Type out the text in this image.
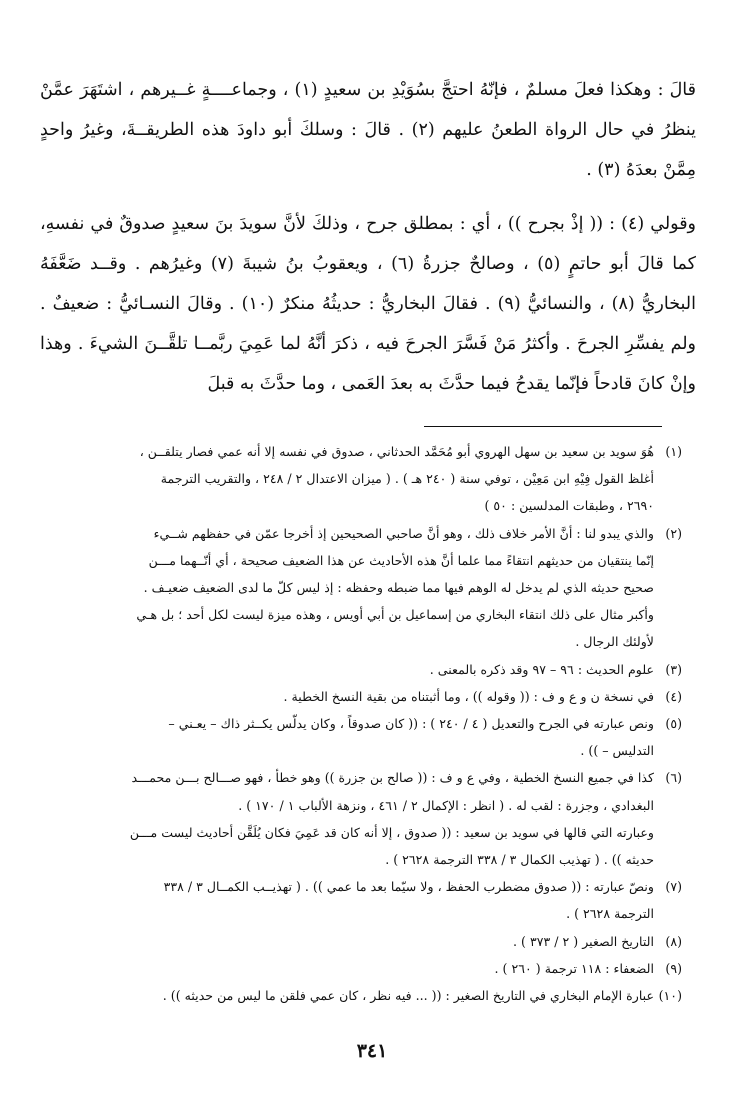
قالَ : وهكذا فعلَ مسلمٌ ، فإنّهُ احتجَّ بسُوَيْدِ بن سعيدٍ (١) ، وجماعــــةٍ غــيرهم ، اشتَهَرَ عمَّنْ ينظرُ في حال الرواة الطعنُ عليهم (٢) . قالَ : وسلكَ أبو داودَ هذه الطريقــةَ، وغيرُ واحدٍ مِمَّنْ بعدَهُ (٣) .

وقولي (٤) : (( إذْ بجرح )) ، أي : بمطلق جرح ، وذلكَ لأنَّ سويدَ بنَ سعيدٍ صدوقٌ في نفسهِ، كما قالَ أبو حاتمٍ (٥) ، وصالحٌ جزرةُ (٦) ، ويعقوبُ بنُ شيبةَ (٧) وغيرُهم . وقــد ضَعَّفَهُ البخاريُّ (٨) ، والنسائيُّ (٩) . فقالَ البخاريُّ : حديثُهُ منكرٌ (١٠) . وقالَ النسـائيُّ : ضعيفٌ . ولم يفسِّرِ الجرحَ . وأكثرُ مَنْ فَسَّرَ الجرحَ فيه ، ذكرَ أنَّهُ لما عَمِيَ ربَّمــا تلقَّــنَ الشيءَ . وهذا وإنْ كانَ قادحاً فإنّما يقدحُ فيما حدَّثَ به بعدَ العَمى ، وما حدَّثَ به قبلَ

(١)
هُوَ سويد بن سعيد بن سهل الهروي أبو مُحَمَّد الحدثاني ، صدوق في نفسه إلا أنه عمي فصار يتلقــن ،
أغلظ القول فِيْهِ ابن مَعِيْن ، توفي سنة ( ٢٤٠ هـ ) . ( ميزان الاعتدال ٢ / ٢٤٨ ، والتقريب الترجمة
٢٦٩٠ ، وطبقات المدلسين : ٥٠ )
(٢)
والذي يبدو لنا : أنَّ الأمر خلاف ذلك ، وهو أنَّ صاحبي الصحيحين إذ أخرجا عمّن في حفظهم شــيء
إنّما ينتقيان من حديثهم انتقاءً مما علما أنَّ هذه الأحاديث عن هذا الضعيف صحيحة ، أي أنّــهما مـــن
صحيح حديثه الذي لم يدخل له الوهم فيها مما ضبطه وحفظه : إذ ليس كلّ ما لدى الضعيف ضعيـف .
وأكبر مثال على ذلك انتقاء البخاري من إسماعيل بن أبي أويس ، وهذه ميزة ليست لكل أحد ؛ بل هـي
لأولئك الرجال .
(٣)
علوم الحديث : ٩٦ – ٩٧ وقد ذكره بالمعنى .
(٤)
في نسخة ن و ع و ف : (( وقوله )) ، وما أثبتناه من بقية النسخ الخطية .
(٥)
ونص عبارته في الجرح والتعديل ( ٤ / ٢٤٠ ) : (( كان صدوقاً ، وكان يدلّس يكــثر ذاك – يعـني –
التدليس – )) .
(٦)
كذا في جميع النسخ الخطية ، وفي ع و ف : (( صالح بن جزرة )) وهو خطأ ، فهو صـــالح بـــن محمـــد
البغدادي ، وجزرة : لقب له . ( انظر : الإكمال ٢ / ٤٦١ ، ونزهة الألباب ١ / ١٧٠ ) .
وعبارته التي قالها في سويد بن سعيد : (( صدوق ، إلا أنه كان قد عَمِيَ فكان يُلَقَّن أحاديث ليست مـــن
حديثه )) . ( تهذيب الكمال ٣ / ٣٣٨ الترجمة ٢٦٢٨ ) .
(٧)
ونصّ عبارته : (( صدوق مضطرب الحفظ ، ولا سيّما بعد ما عمي )) . ( تهذيــب الكمــال ٣ / ٣٣٨
الترجمة ٢٦٢٨ ) .
(٨)
التاريخ الصغير ( ٢ / ٣٧٣ ) .
(٩)
الضعفاء : ١١٨ ترجمة ( ٢٦٠ ) .
(١٠)
عبارة الإمام البخاري في التاريخ الصغير : (( ... فيه نظر ، كان عمي فلقن ما ليس من حديثه )) .
٣٤١
